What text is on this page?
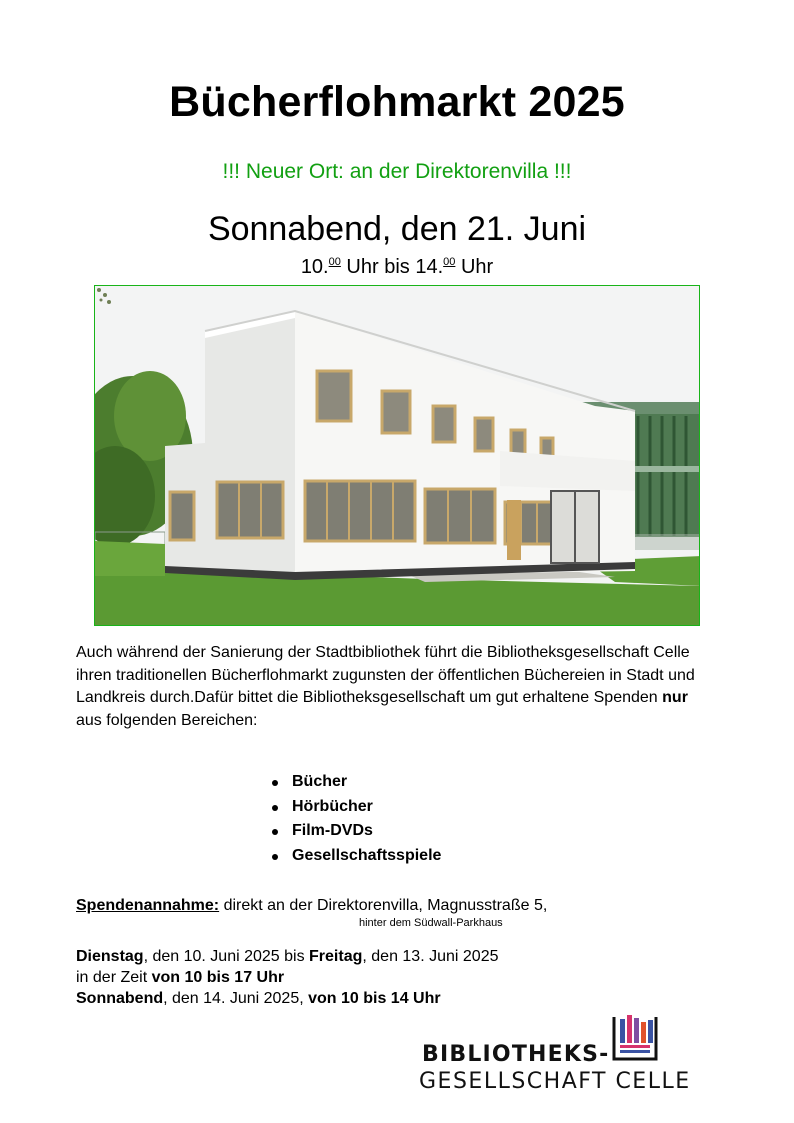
Bücherflohmarkt 2025
!!! Neuer Ort: an der Direktorenvilla !!!
Sonnabend, den 21. Juni
10.00 Uhr bis 14.00 Uhr
Auch während der Sanierung der Stadtbibliothek führt die Bibliotheksgesellschaft Celle ihren traditionellen Bücherflohmarkt zugunsten der öffentlichen Büchereien in Stadt und Landkreis durch.Dafür bittet die Bibliotheksgesellschaft um gut erhaltene Spenden nur aus folgenden Bereichen:
Bücher
Hörbücher
Film-DVDs
Gesellschaftsspiele
Spendenannahme: direkt an der Direktorenvilla, Magnusstraße 5,
hinter dem Südwall-Parkhaus
Dienstag, den 10. Juni 2025 bis Freitag, den 13. Juni 2025
in der Zeit von 10 bis 17 Uhr
Sonnabend, den 14. Juni 2025, von 10 bis 14 Uhr
BIBLIOTHEKS-
GESELLSCHAFT CELLE
